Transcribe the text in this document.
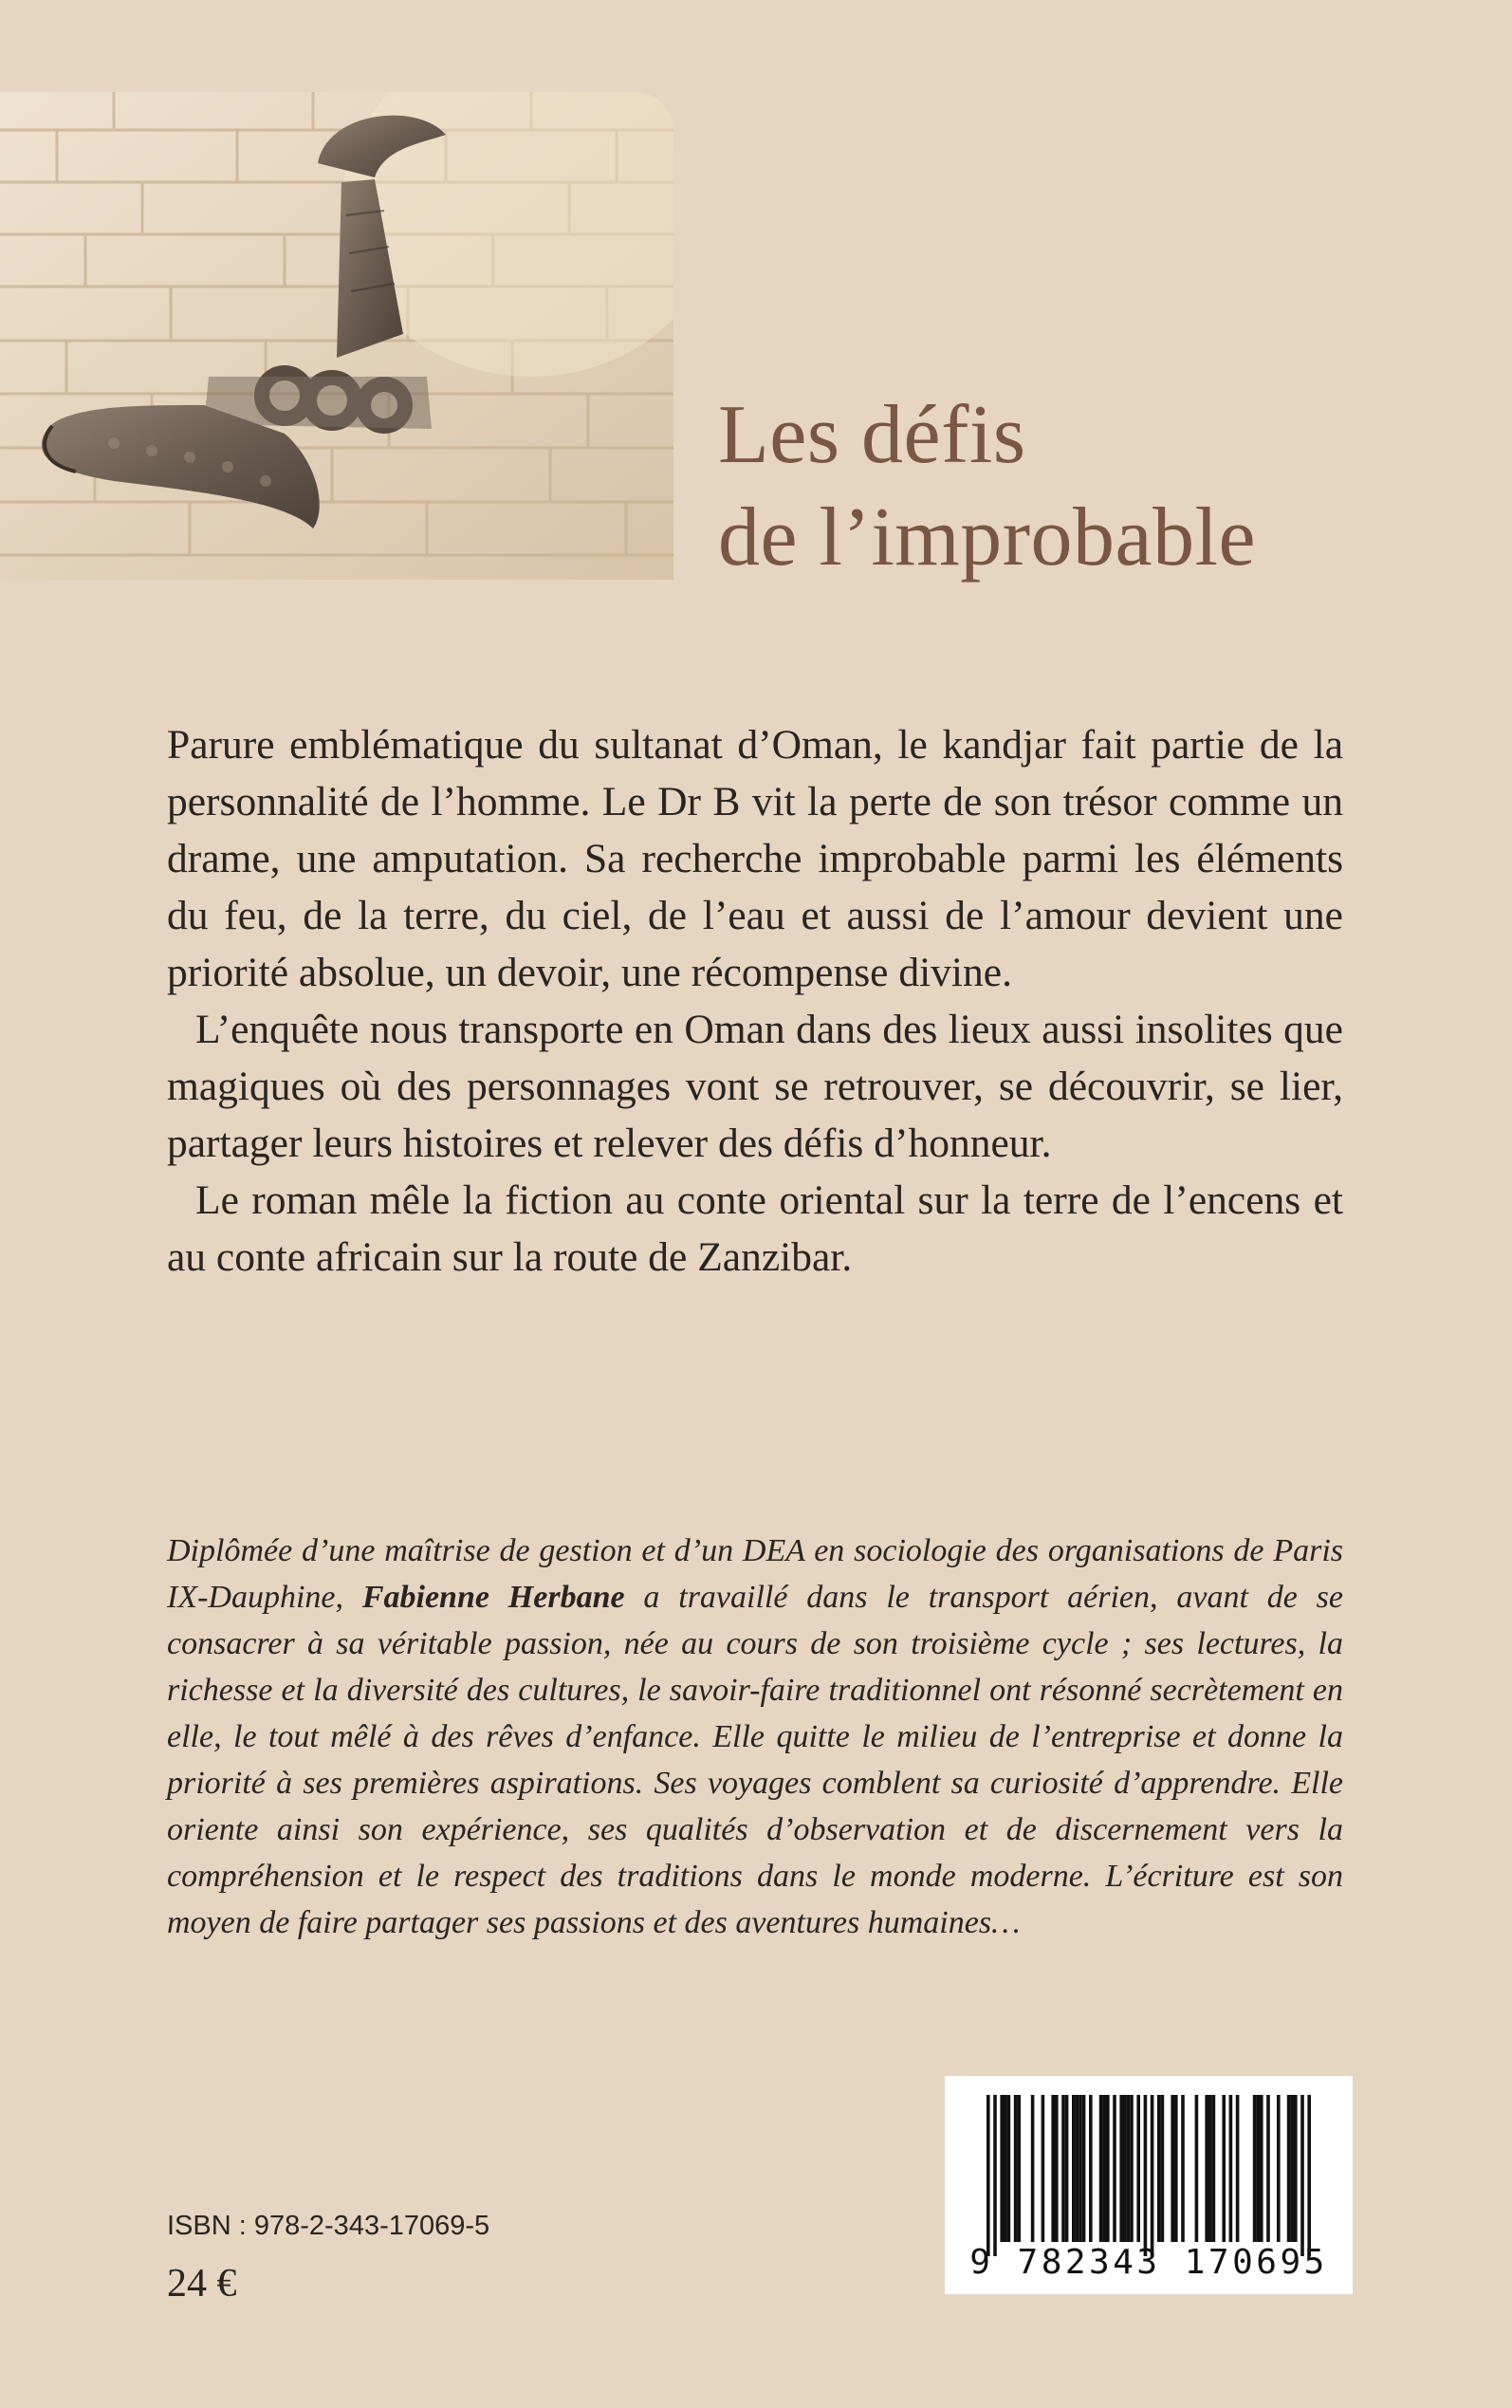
Les défis
de l’improbable

Parure emblématique du sultanat d’Oman, le kandjar fait partie de la personnalité de l’homme. Le Dr B vit la perte de son trésor comme un drame, une amputation. Sa recherche improbable parmi les éléments du feu, de la terre, du ciel, de l’eau et aussi de l’amour devient une priorité absolue, un devoir, une récompense divine.

L’enquête nous transporte en Oman dans des lieux aussi insolites que magiques où des personnages vont se retrouver, se découvrir, se lier, partager leurs histoires et relever des défis d’honneur.

Le roman mêle la fiction au conte oriental sur la terre de l’encens et au conte africain sur la route de Zanzibar.

Diplômée d’une maîtrise de gestion et d’un DEA en sociologie des organisations de Paris IX-Dauphine, Fabienne Herbane a travaillé dans le transport aérien, avant de se consacrer à sa véritable passion, née au cours de son troisième cycle ; ses lectures, la richesse et la diversité des cultures, le savoir-faire traditionnel ont résonné secrètement en elle, le tout mêlé à des rêves d’enfance. Elle quitte le milieu de l’entreprise et donne la priorité à ses premières aspirations. Ses voyages comblent sa curiosité d’apprendre. Elle oriente ainsi son expérience, ses qualités d’observation et de discernement vers la compréhension et le respect des traditions dans le monde moderne. L’écriture est son moyen de faire partager ses passions et des aventures humaines…
ISBN : 978-2-343-17069-5
24 €	9 782343 170695
